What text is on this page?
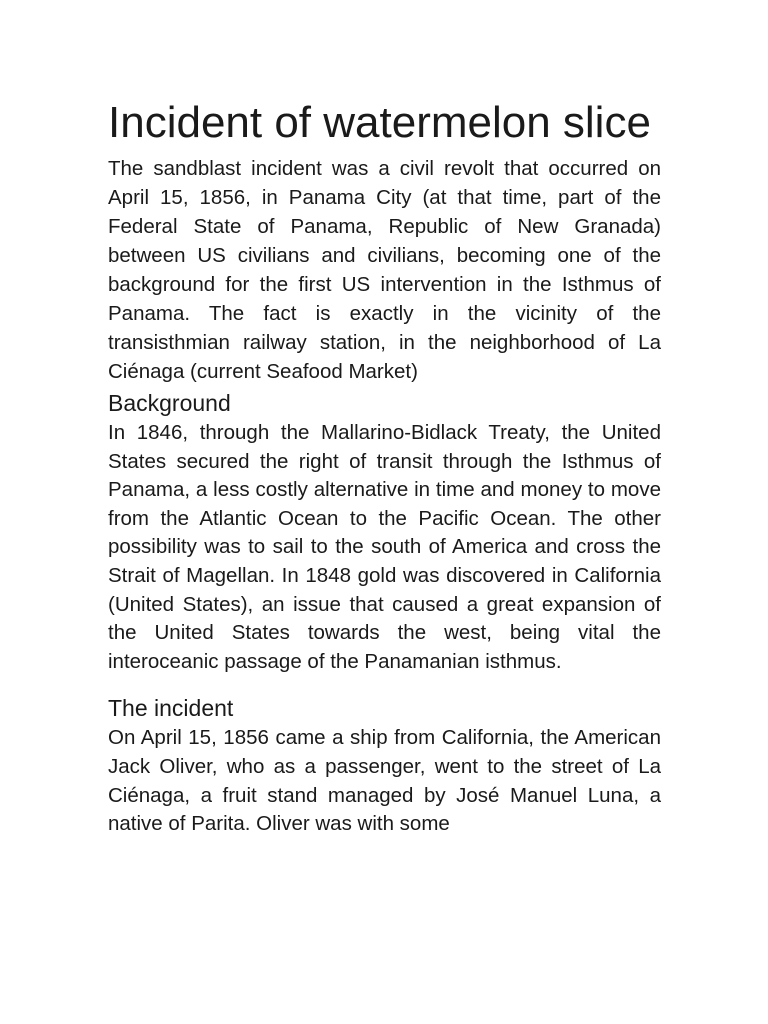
Incident of watermelon slice

The sandblast incident was a civil revolt that occurred on April 15, 1856, in Panama City (at that time, part of the Federal State of Panama, Republic of New Granada) between US civilians and civilians, becoming one of the background for the first US intervention in the Isthmus of Panama. The fact is exactly in the vicinity of the transisthmian railway station, in the neighborhood of La Ciénaga (current Seafood Market)

Background

In 1846, through the Mallarino-Bidlack Treaty, the United States secured the right of transit through the Isthmus of Panama, a less costly alternative in time and money to move from the Atlantic Ocean to the Pacific Ocean. The other possibility was to sail to the south of America and cross the Strait of Magellan. In 1848 gold was discovered in California (United States), an issue that caused a great expansion of the United States towards the west, being vital the interoceanic passage of the Panamanian isthmus.

The incident

On April 15, 1856 came a ship from California, the American Jack Oliver, who as a passenger, went to the street of La Ciénaga, a fruit stand managed by José Manuel Luna, a native of Parita. Oliver was with some
